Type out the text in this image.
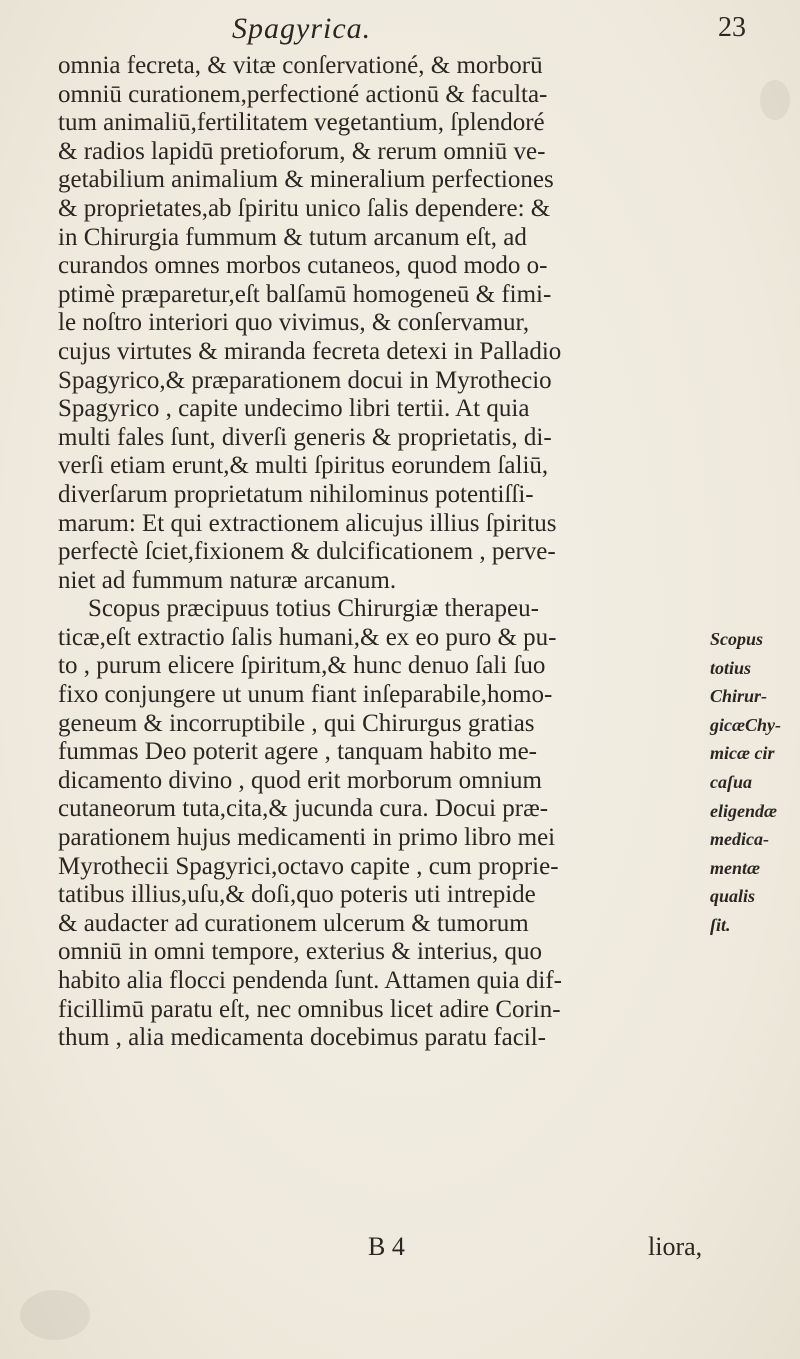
Spagyrica.	23
omnia fecreta, & vitæ conſervationé, & morborū
omniū curationem,perfectioné actionū & faculta-
tum animaliū,fertilitatem vegetantium, ſplendoré
& radios lapidū pretioforum, & rerum omniū ve-
getabilium animalium & mineralium perfectiones
& proprietates,ab ſpiritu unico ſalis dependere: &
in Chirurgia fummum & tutum arcanum eſt, ad
curandos omnes morbos cutaneos, quod modo o-
ptimè præparetur,eſt balſamū homogeneū & fimi-
le noſtro interiori quo vivimus, & conſervamur,
cujus virtutes & miranda fecreta detexi in Palladio
Spagyrico,& præparationem docui in Myrothecio
Spagyrico , capite undecimo libri tertii. At quia
multi fales ſunt, diverſi generis & proprietatis, di-
verſi etiam erunt,& multi ſpiritus eorundem ſaliū,
diverſarum proprietatum nihilominus potentiſſi-
marum: Et qui extractionem alicujus illius ſpiritus
perfectè ſciet,fixionem & dulcificationem , perve-
niet ad fummum naturæ arcanum.
Scopus præcipuus totius Chirurgiæ therapeu-
ticæ,eſt extractio ſalis humani,& ex eo puro & pu-
to , purum elicere ſpiritum,& hunc denuo ſali ſuo
fixo conjungere ut unum fiant inſeparabile,homo-
geneum & incorruptibile , qui Chirurgus gratias
fummas Deo poterit agere , tanquam habito me-
dicamento divino , quod erit morborum omnium
cutaneorum tuta,cita,& jucunda cura. Docui præ-
parationem hujus medicamenti in primo libro mei
Myrothecii Spagyrici,octavo capite , cum proprie-
tatibus illius,uſu,& doſi,quo poteris uti intrepide
& audacter ad curationem ulcerum & tumorum
omniū in omni tempore, exterius & interius, quo
habito alia flocci pendenda ſunt. Attamen quia dif-
ficillimū paratu eſt, nec omnibus licet adire Corin-
thum , alia medicamenta docebimus paratu facil-
Scopus
totius
Chirur-
gicæChy-
micæ cir
caſua
eligendæ
medica-
mentæ
qualis
ſit.
B 4	liora,
